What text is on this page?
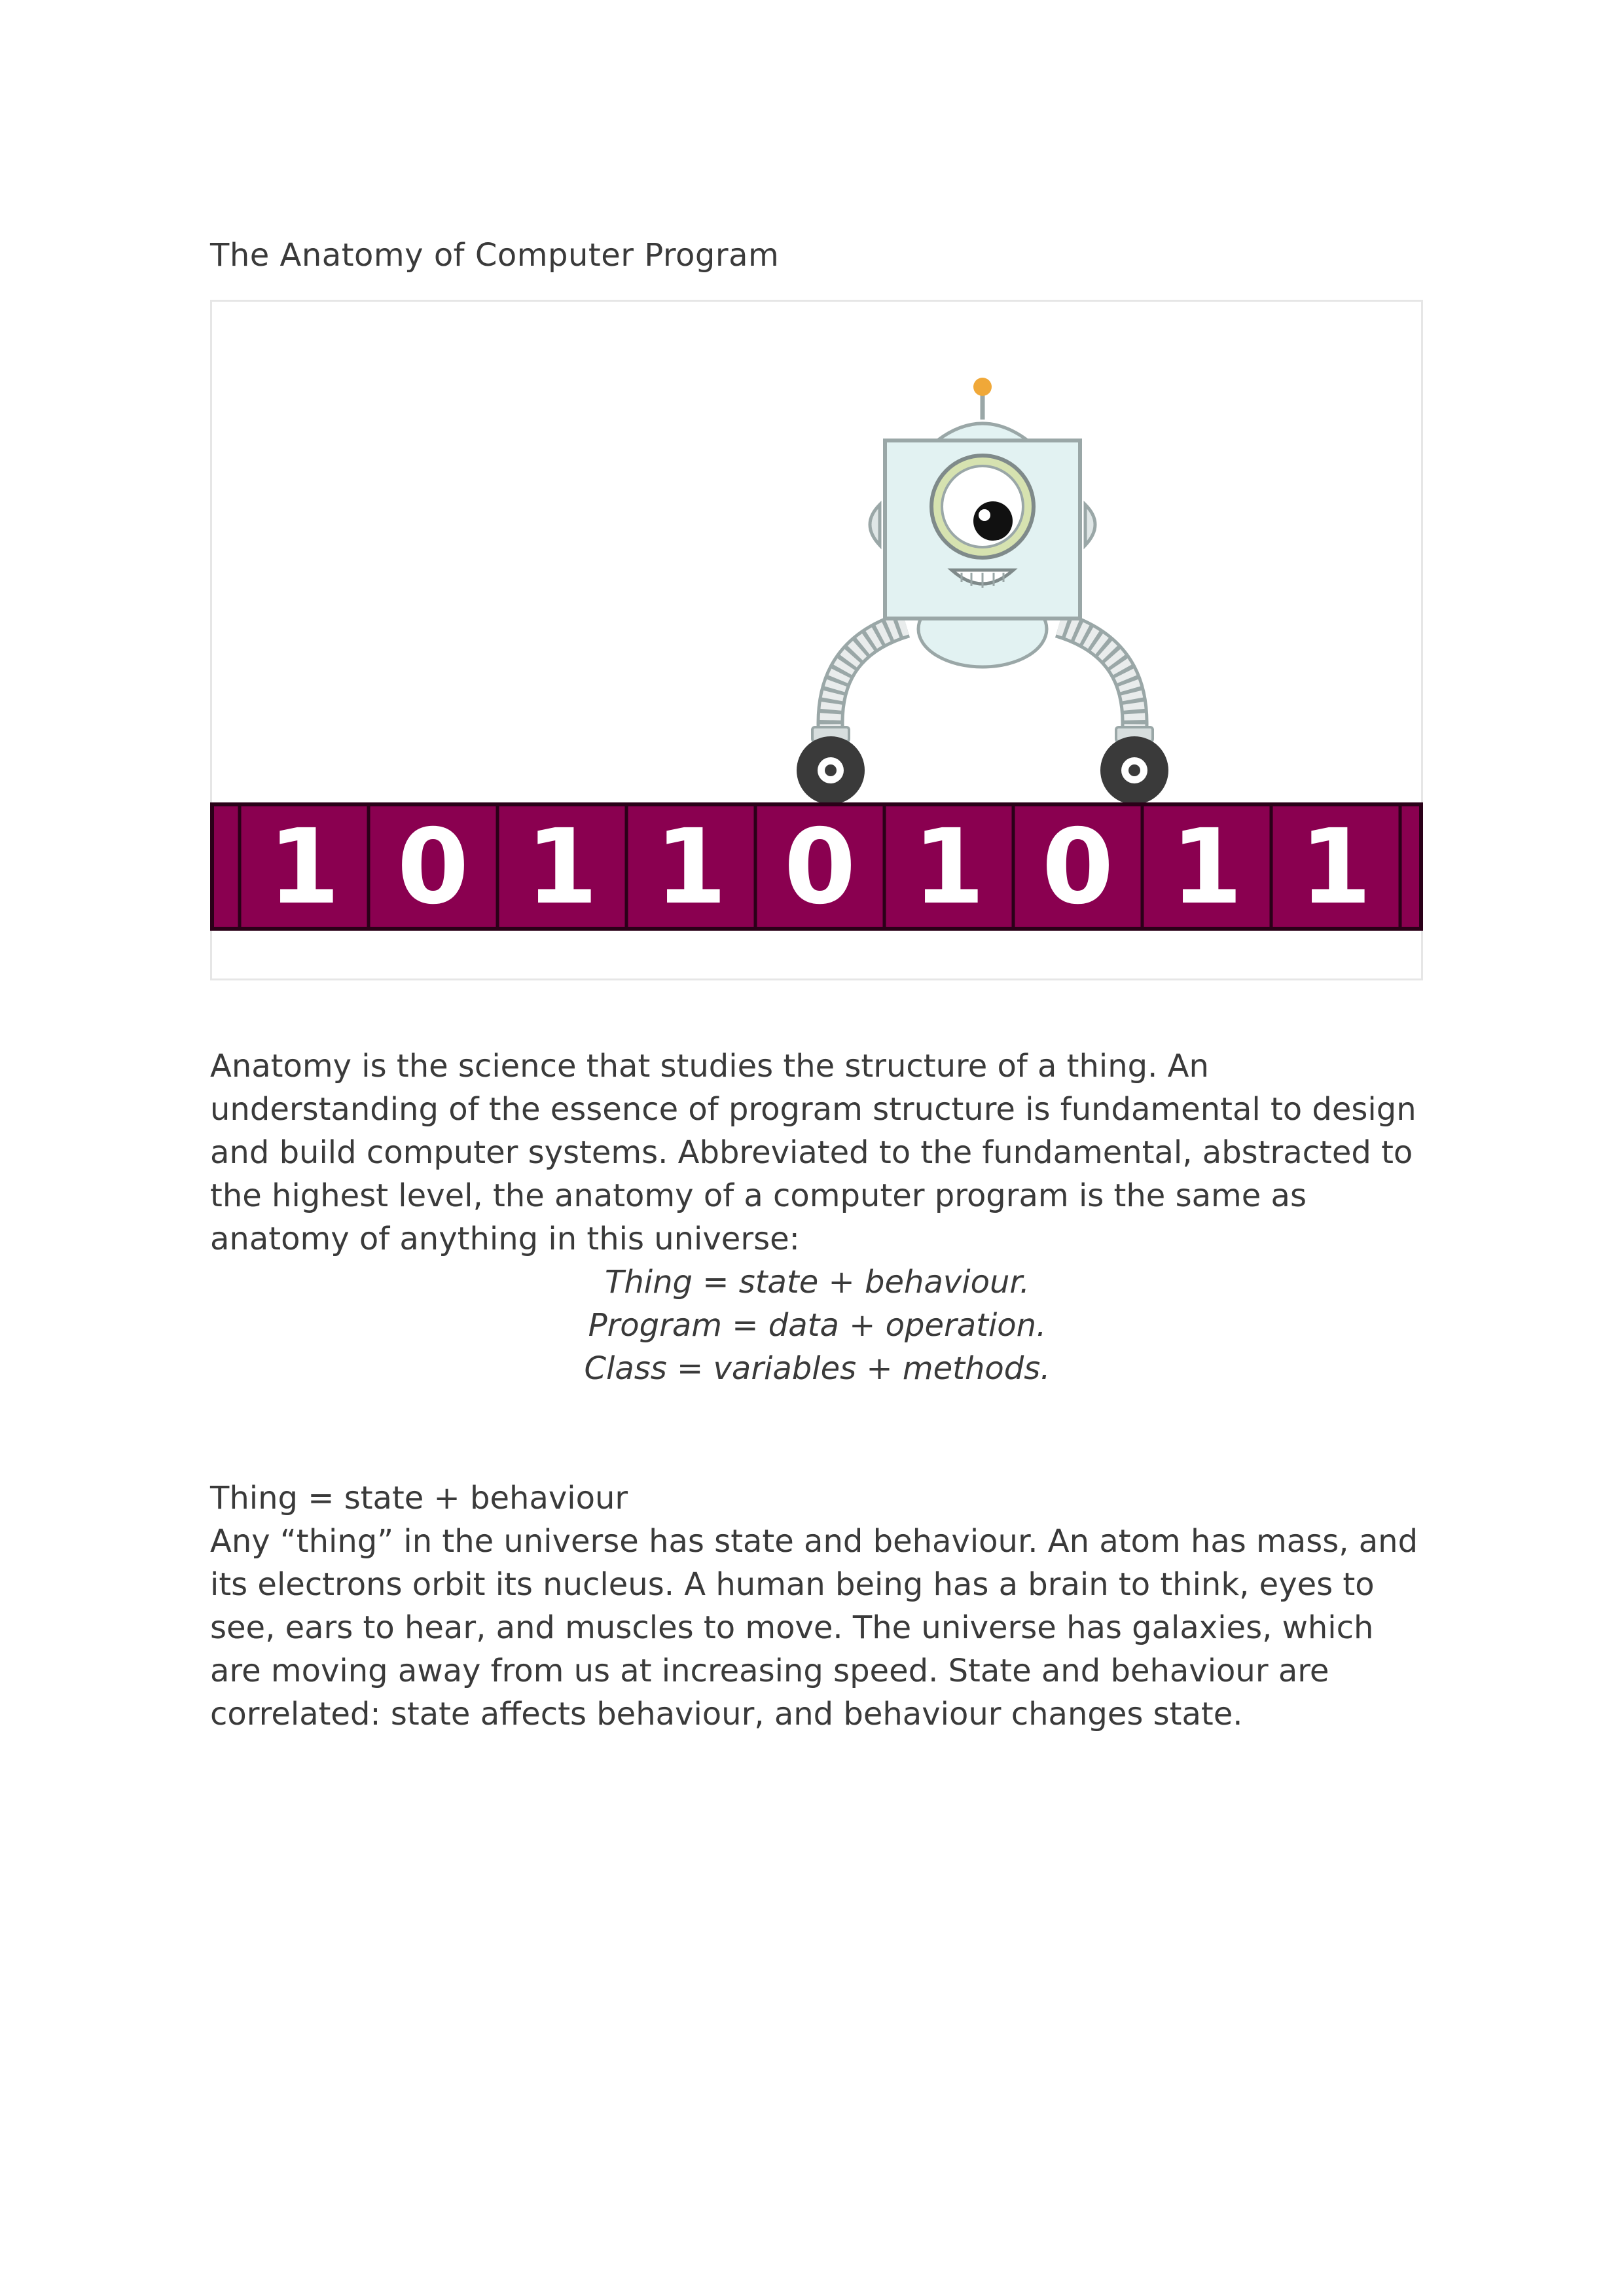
The Anatomy of Computer Program
1 1 0 1 1 0 1 0 1 1

Anatomy is the science that studies the structure of a thing. An understanding of the essence of program structure is fundamental to design and build computer systems. Abbreviated to the fundamental, abstracted to the highest level, the anatomy of a computer program is the same as anatomy of anything in this universe:

Thing = state + behaviour.
Program = data + operation.
Class = variables + methods.
Thing = state + behaviour

Any “thing” in the universe has state and behaviour. An atom has mass, and its electrons orbit its nucleus. A human being has a brain to think, eyes to see, ears to hear, and muscles to move. The universe has galaxies, which are moving away from us at increasing speed. State and behaviour are correlated: state affects behaviour, and behaviour changes state.
